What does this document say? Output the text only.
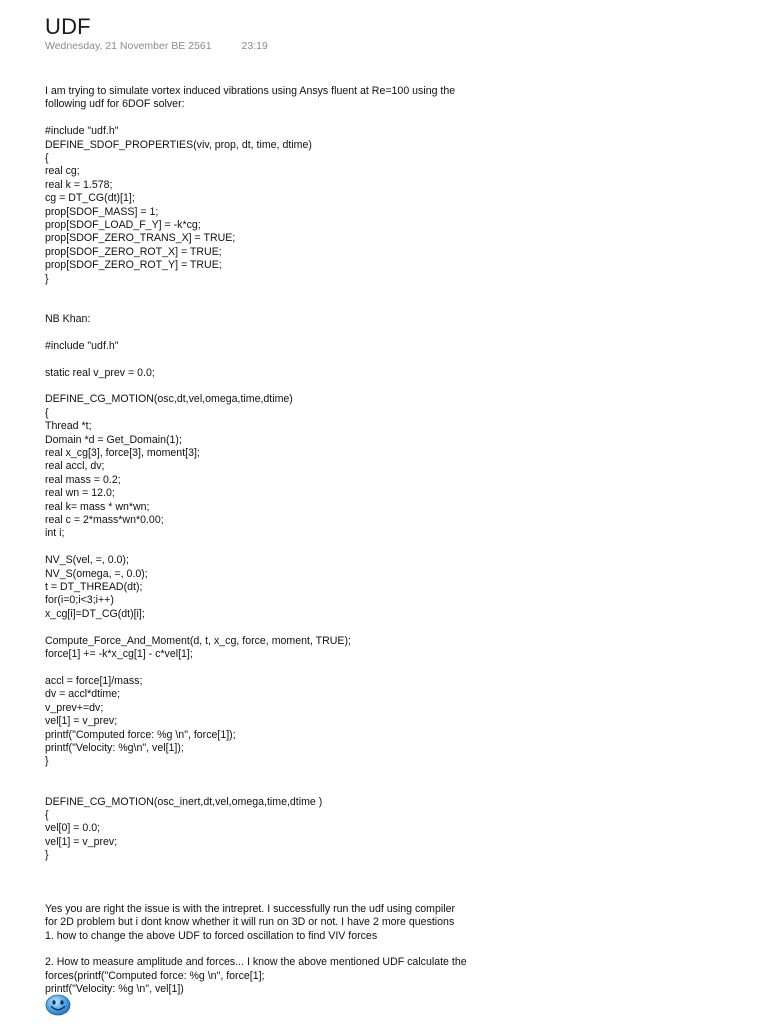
UDF
Wednesday, 21 November BE 2561	23:19
I am trying to simulate vortex induced vibrations using Ansys fluent at Re=100 using the
following udf for 6DOF solver:

#include "udf.h"
DEFINE_SDOF_PROPERTIES(viv, prop, dt, time, dtime)
{
real cg;
real k = 1.578;
cg = DT_CG(dt)[1];
prop[SDOF_MASS] = 1;
prop[SDOF_LOAD_F_Y] = -k*cg;
prop[SDOF_ZERO_TRANS_X] = TRUE;
prop[SDOF_ZERO_ROT_X] = TRUE;
prop[SDOF_ZERO_ROT_Y] = TRUE;
}

NB Khan:

#include "udf.h"

static real v_prev = 0.0;

DEFINE_CG_MOTION(osc,dt,vel,omega,time,dtime)
{
Thread *t;
Domain *d = Get_Domain(1);
real x_cg[3], force[3], moment[3];
real accl, dv;
real mass = 0.2;
real wn = 12.0;
real k= mass * wn*wn;
real c = 2*mass*wn*0.00;
int i;

NV_S(vel, =, 0.0);
NV_S(omega, =, 0.0);
t = DT_THREAD(dt);
for(i=0;i<3;i++)
x_cg[i]=DT_CG(dt)[i];

Compute_Force_And_Moment(d, t, x_cg, force, moment, TRUE);
force[1] += -k*x_cg[1] - c*vel[1];

accl = force[1]/mass;
dv = accl*dtime;
v_prev+=dv;
vel[1] = v_prev;
printf("Computed force: %g \n", force[1]);
printf("Velocity: %g\n", vel[1]);
}

DEFINE_CG_MOTION(osc_inert,dt,vel,omega,time,dtime )
{
vel[0] = 0.0;
vel[1] = v_prev;
}

Yes you are right the issue is with the intrepret. I successfully run the udf using compiler
for 2D problem but i dont know whether it will run on 3D or not. I have 2 more questions
1. how to change the above UDF to forced oscillation to find VIV forces

2. How to measure amplitude and forces... I know the above mentioned UDF calculate the
forces(printf("Computed force: %g \n", force[1];
printf("Velocity: %g \n", vel[1])
